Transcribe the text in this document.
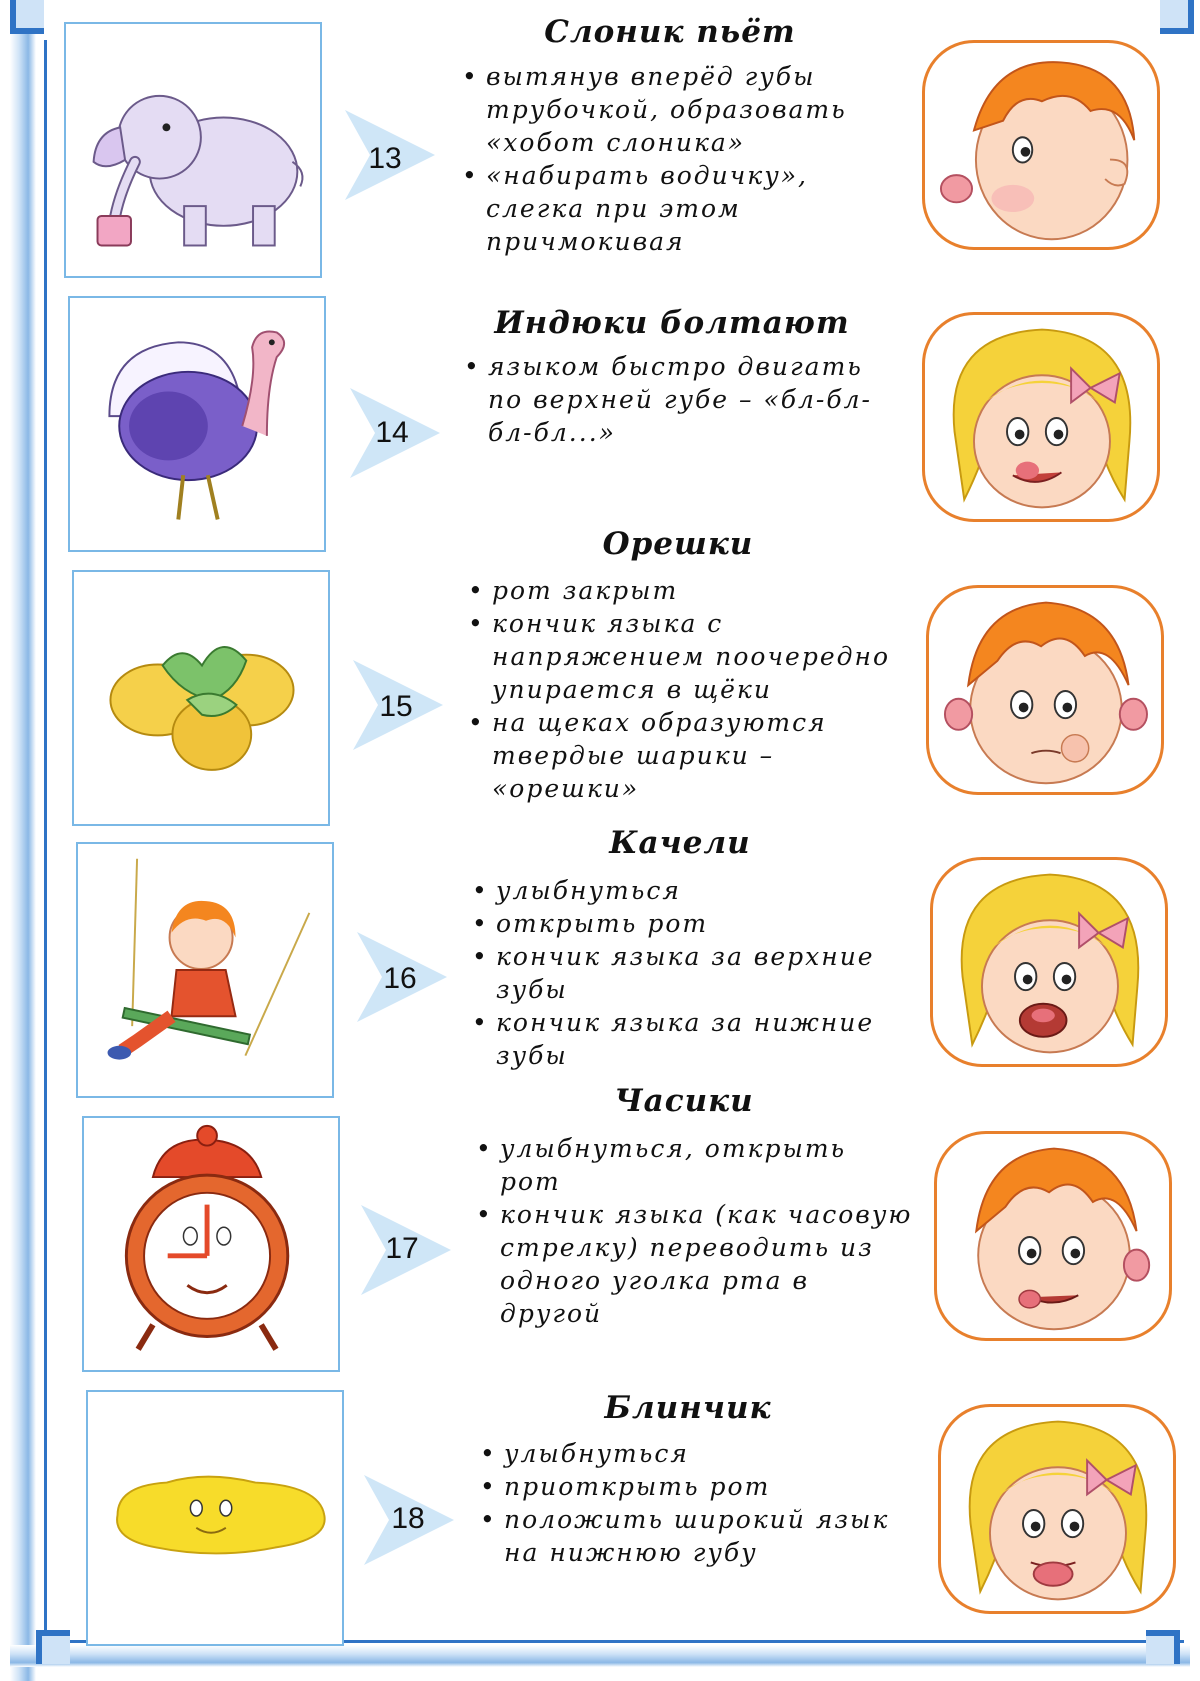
13
Слоник пьёт
• вытянув вперёд губы трубочкой, образовать «хобот слоника»
• «набирать водичку», слегка при этом причмокивая
14
Индюки болтают
• языком быстро двигать по верхней губе – «бл-бл-бл-бл...»
15
Орешки
• рот закрыт
• кончик языка с напряжением поочередно упирается в щёки
• на щеках образуются твердые шарики – «орешки»
16
Качели
• улыбнуться
• открыть рот
• кончик языка за верхние зубы
• кончик языка за нижние зубы
17
Часики
• улыбнуться, открыть рот
• кончик языка (как часовую стрелку) переводить из одного уголка рта в другой
18
Блинчик
• улыбнуться
• приоткрыть рот
• положить широкий язык на нижнюю губу
